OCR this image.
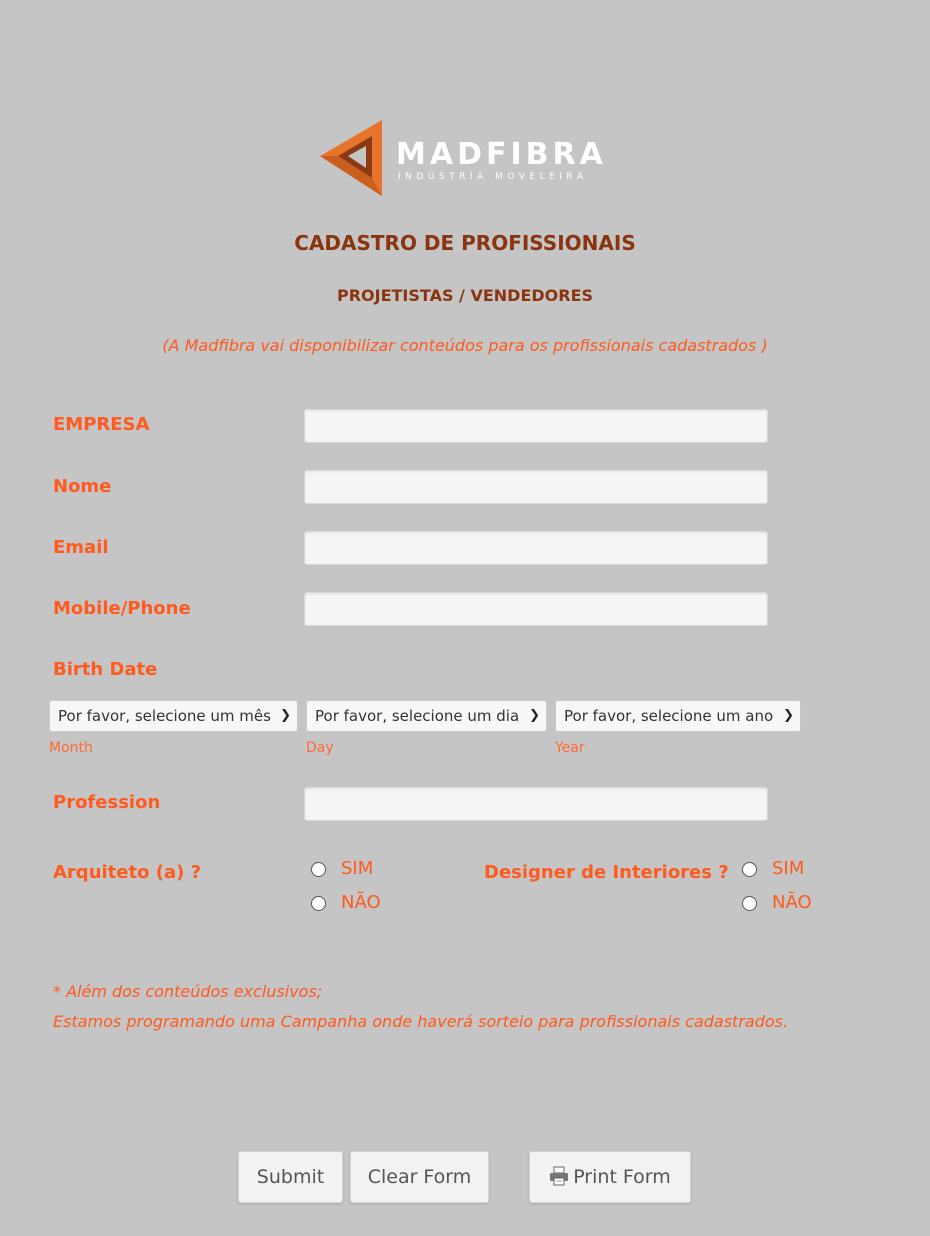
MADFIBRA
INDÚSTRIA MOVELEIRA
CADASTRO DE PROFISSIONAIS
PROJETISTAS / VENDEDORES
(A Madfibra vai disponibilizar conteúdos para os profissionais cadastrados )
EMPRESA
Nome
Email
Mobile/Phone
Birth Date
Por favor, selecione um mês ❯	Por favor, selecione um dia ❯	Por favor, selecione um ano ❯
Month	Day	Year
Profession
Arquiteto (a) ?	SIM
NÃO
Designer de Interiores ? SIM
NÃO
* Além dos conteúdos exclusivos;
Estamos programando uma Campanha onde haverá sorteio para profissionais cadastrados.
Submit	Clear Form	Print Form
